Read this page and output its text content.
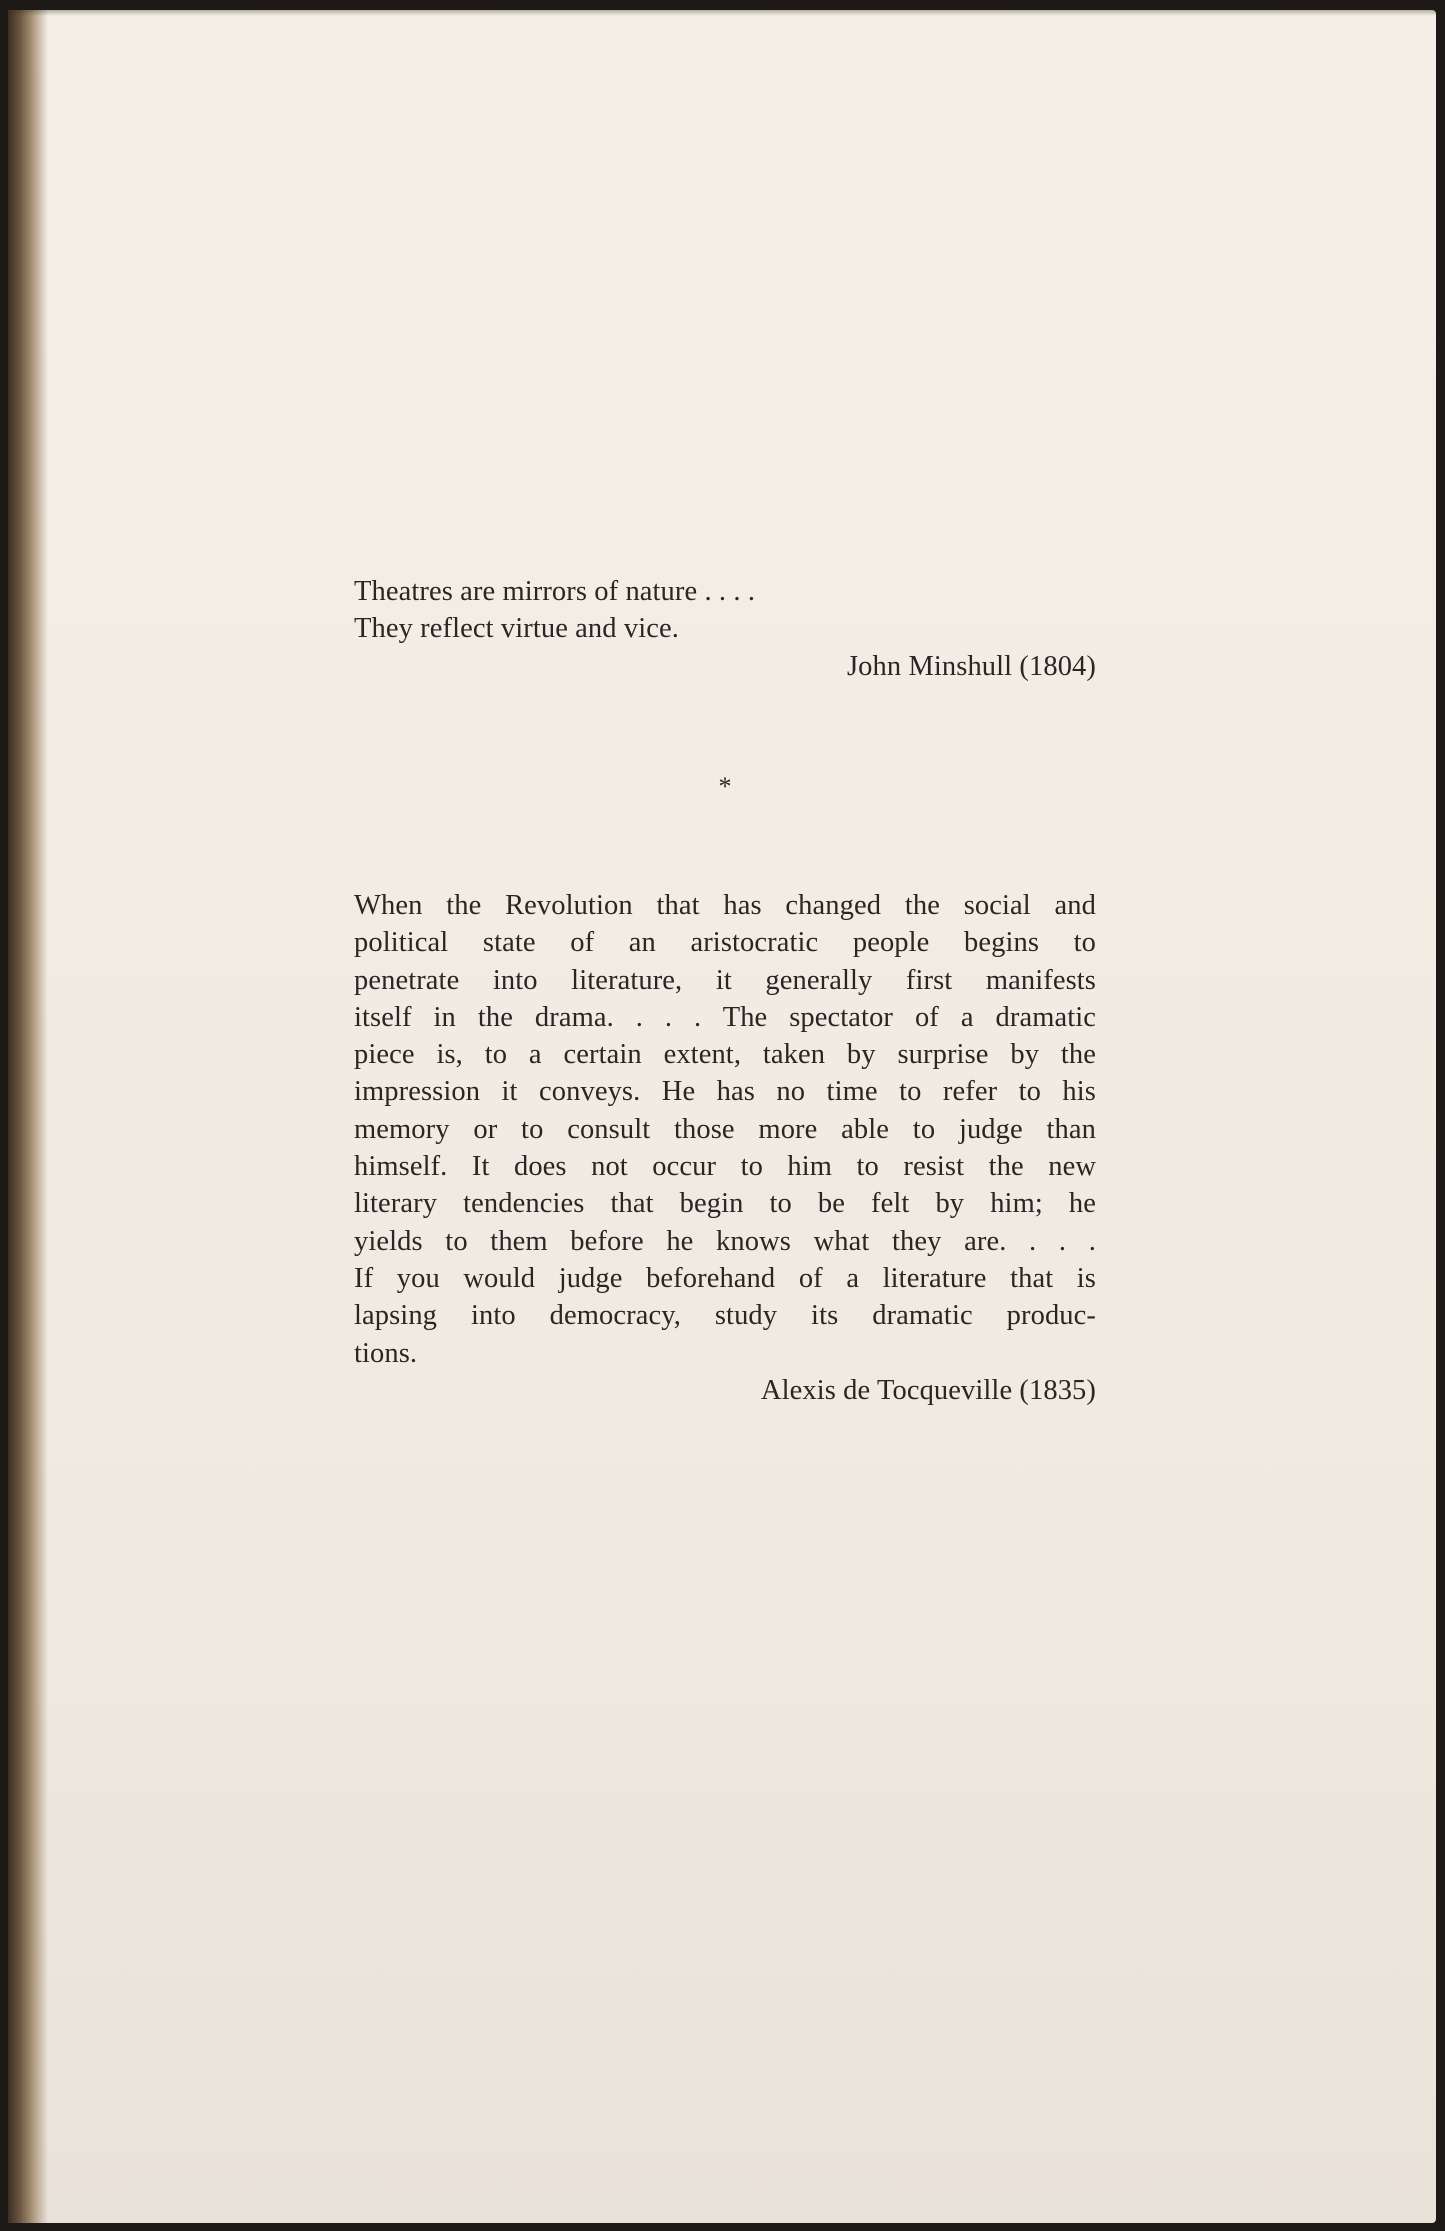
Theatres are mirrors of nature . . . .
They reflect virtue and vice.
John Minshull (1804)
*
When the Revolution that has changed the social and
political state of an aristocratic people begins to
penetrate into literature, it generally first manifests
itself in the drama. . . . The spectator of a dramatic
piece is, to a certain extent, taken by surprise by the
impression it conveys. He has no time to refer to his
memory or to consult those more able to judge than
himself. It does not occur to him to resist the new
literary tendencies that begin to be felt by him; he
yields to them before he knows what they are. . . .
If you would judge beforehand of a literature that is
lapsing into democracy, study its dramatic produc-
tions.
Alexis de Tocqueville (1835)
